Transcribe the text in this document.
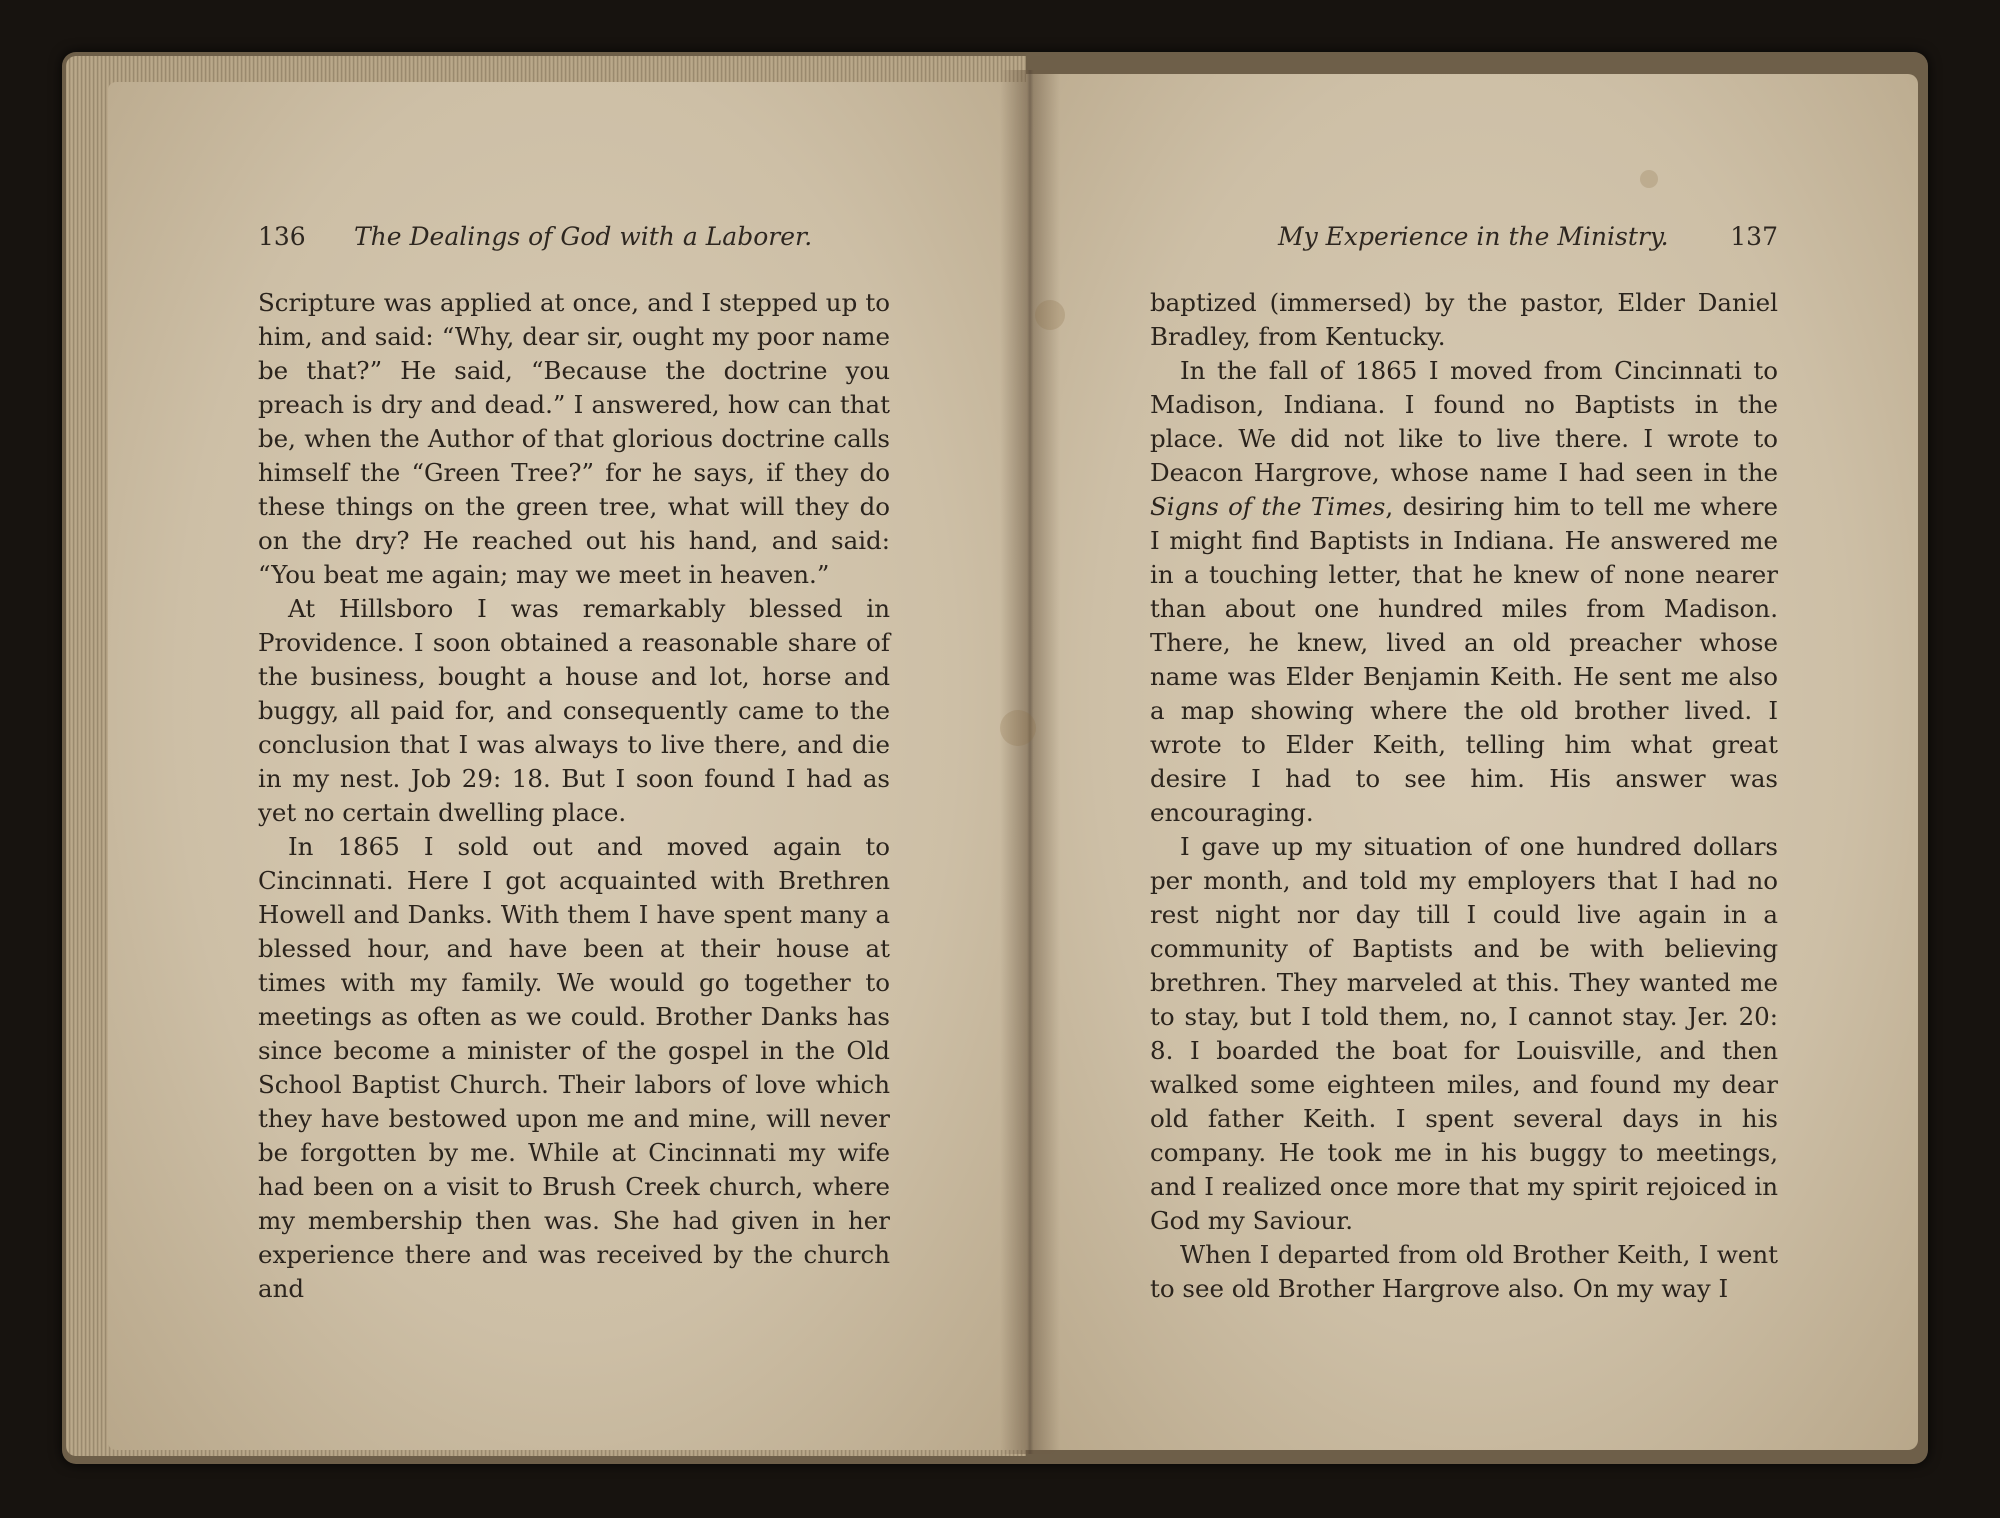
136 The Dealings of God with a Laborer.

Scripture was applied at once, and I stepped up to him, and said: “Why, dear sir, ought my poor name be that?” He said, “Because the doctrine you preach is dry and dead.” I answered, how can that be, when the Author of that glorious doctrine calls himself the “Green Tree?” for he says, if they do these things on the green tree, what will they do on the dry? He reached out his hand, and said: “You beat me again; may we meet in heaven.”

At Hillsboro I was remarkably blessed in Providence. I soon obtained a reasonable share of the business, bought a house and lot, horse and buggy, all paid for, and consequently came to the conclusion that I was always to live there, and die in my nest. Job 29: 18. But I soon found I had as yet no certain dwelling place.

In 1865 I sold out and moved again to Cincinnati. Here I got acquainted with Brethren Howell and Danks. With them I have spent many a blessed hour, and have been at their house at times with my family. We would go together to meetings as often as we could. Brother Danks has since become a minister of the gospel in the Old School Baptist Church. Their labors of love which they have bestowed upon me and mine, will never be forgotten by me. While at Cincinnati my wife had been on a visit to Brush Creek church, where my membership then was. She had given in her experience there and was received by the church and

My Experience in the Ministry. 137

baptized (immersed) by the pastor, Elder Daniel Bradley, from Kentucky.

In the fall of 1865 I moved from Cincinnati to Madison, Indiana. I found no Baptists in the place. We did not like to live there. I wrote to Deacon Hargrove, whose name I had seen in the Signs of the Times, desiring him to tell me where I might find Baptists in Indiana. He answered me in a touching letter, that he knew of none nearer than about one hundred miles from Madison. There, he knew, lived an old preacher whose name was Elder Benjamin Keith. He sent me also a map showing where the old brother lived. I wrote to Elder Keith, telling him what great desire I had to see him. His answer was encouraging.

I gave up my situation of one hundred dollars per month, and told my employers that I had no rest night nor day till I could live again in a community of Baptists and be with believing brethren. They marveled at this. They wanted me to stay, but I told them, no, I cannot stay. Jer. 20: 8. I boarded the boat for Louisville, and then walked some eighteen miles, and found my dear old father Keith. I spent several days in his company. He took me in his buggy to meetings, and I realized once more that my spirit rejoiced in God my Saviour.

When I departed from old Brother Keith, I went to see old Brother Hargrove also. On my way I
